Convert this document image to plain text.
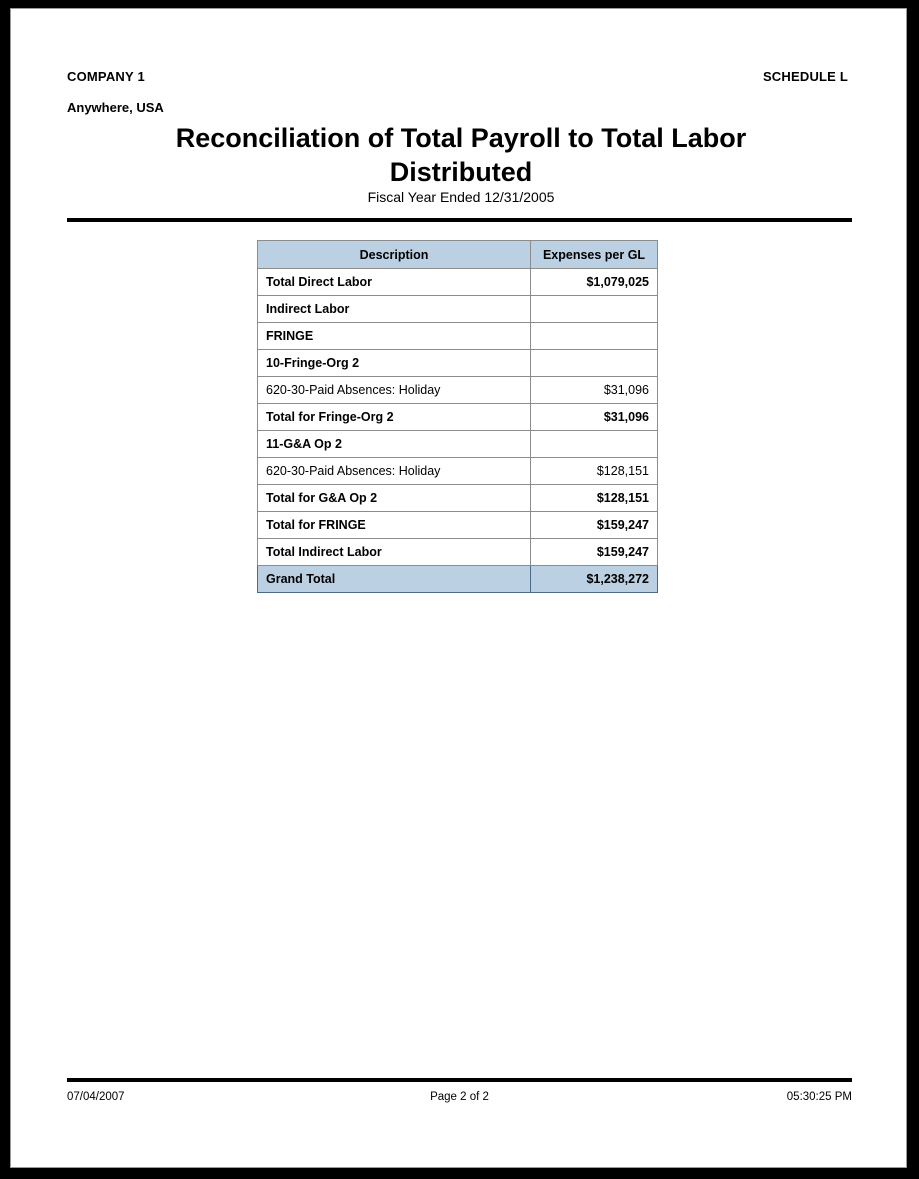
COMPANY 1	SCHEDULE L
Anywhere, USA
Reconciliation of Total Payroll to Total Labor Distributed
Fiscal Year Ended 12/31/2005
Description	Expenses per GL
Total Direct Labor	$1,079,025
Indirect Labor	
FRINGE	
10-Fringe-Org 2	
620-30-Paid Absences: Holiday	$31,096
Total for Fringe-Org 2	$31,096
11-G&A Op 2	
620-30-Paid Absences: Holiday	$128,151
Total for G&A Op 2	$128,151
Total for FRINGE	$159,247
Total Indirect Labor	$159,247
Grand Total	$1,238,272
Page 2 of 2
07/04/2007	05:30:25 PM
